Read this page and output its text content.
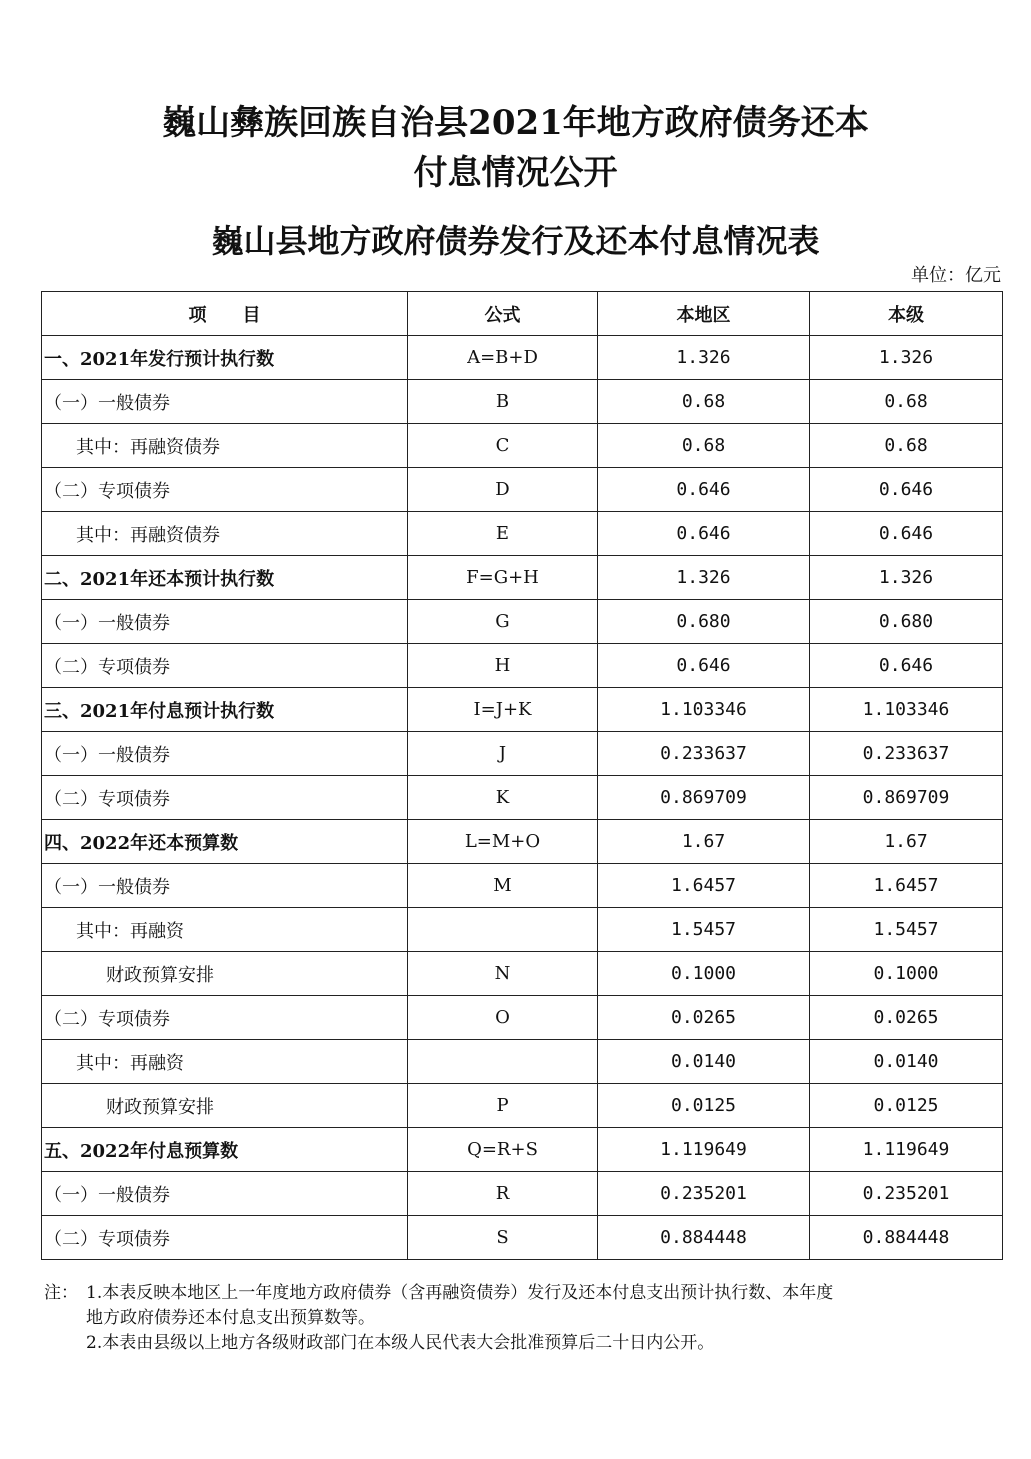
巍山彝族回族自治县2021年地方政府债务还本
付息情况公开
巍山县地方政府债券发行及还本付息情况表
单位：亿元
项　　目	公式	本地区	本级
一、2021年发行预计执行数	A=B+D	1.326	1.326
（一）一般债券	B	0.68	0.68
其中：再融资债券	C	0.68	0.68
（二）专项债券	D	0.646	0.646
其中：再融资债券	E	0.646	0.646
二、2021年还本预计执行数	F=G+H	1.326	1.326
（一）一般债券	G	0.680	0.680
（二）专项债券	H	0.646	0.646
三、2021年付息预计执行数	I=J+K	1.103346	1.103346
（一）一般债券	J	0.233637	0.233637
（二）专项债券	K	0.869709	0.869709
四、2022年还本预算数	L=M+O	1.67	1.67
（一）一般债券	M	1.6457	1.6457
其中：再融资		1.5457	1.5457
财政预算安排	N	0.1000	0.1000
（二）专项债券	O	0.0265	0.0265
其中：再融资		0.0140	0.0140
财政预算安排	P	0.0125	0.0125
五、2022年付息预算数	Q=R+S	1.119649	1.119649
（一）一般债券	R	0.235201	0.235201
（二）专项债券	S	0.884448	0.884448
注： 1.本表反映本地区上一年度地方政府债券（含再融资债券）发行及还本付息支出预计执行数、本年度
地方政府债券还本付息支出预算数等。
2.本表由县级以上地方各级财政部门在本级人民代表大会批准预算后二十日内公开。
